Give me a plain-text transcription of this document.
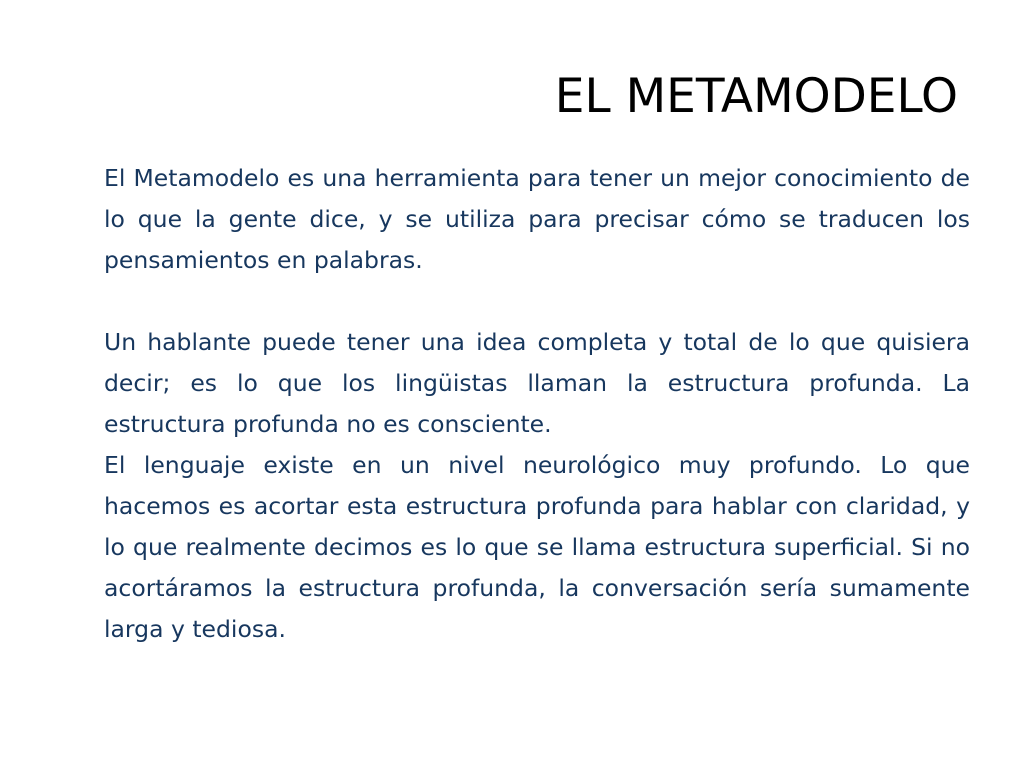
EL METAMODELO

El Metamodelo es una herramienta para tener un mejor conocimiento de lo que la gente dice, y se utiliza para precisar cómo se traducen los pensamientos en palabras.

Un hablante puede tener una idea completa y total de lo que quisiera decir; es lo que los lingüistas llaman la estructura profunda. La estructura profunda no es consciente.

El lenguaje existe en un nivel neurológico muy profundo. Lo que hacemos es acortar esta estructura profunda para hablar con claridad, y lo que realmente decimos es lo que se llama estructura superficial. Si no acortáramos la estructura profunda, la conversación sería sumamente larga y tediosa.
